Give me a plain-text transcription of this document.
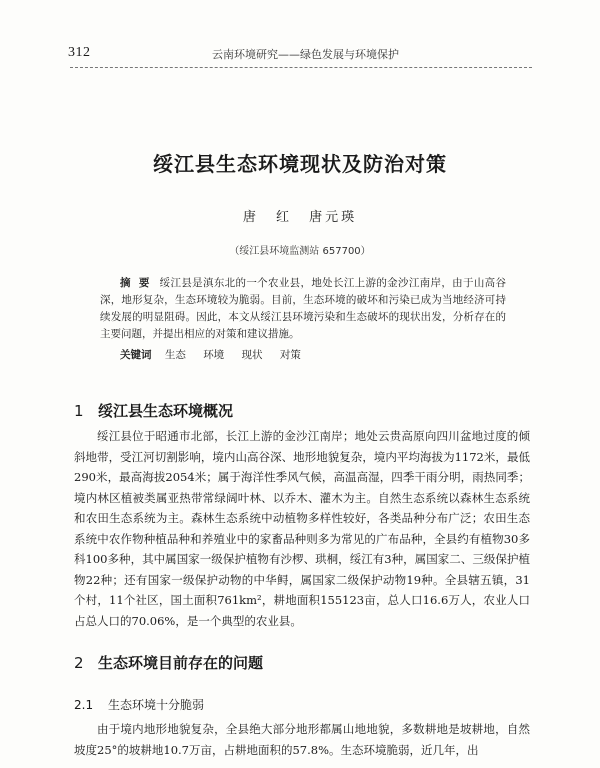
312	云南环境研究——绿色发展与环境保护
绥江县生态环境现状及防治对策
唐 红 唐元瑛
（绥江县环境监测站 657700）
摘 要 绥江县是滇东北的一个农业县，地处长江上游的金沙江南岸，由于山高谷深，地形复杂，生态环境较为脆弱。目前，生态环境的破坏和污染已成为当地经济可持续发展的明显阻碍。因此，本文从绥江县环境污染和生态破坏的现状出发，分析存在的主要问题，并提出相应的对策和建议措施。
关键词 生态 环境 现状 对策
1 绥江县生态环境概况

绥江县位于昭通市北部，长江上游的金沙江南岸；地处云贵高原向四川盆地过度的倾斜地带，受江河切割影响，境内山高谷深、地形地貌复杂，境内平均海拔为1172米，最低290米，最高海拔2054米；属于海洋性季风气候，高温高湿，四季干雨分明，雨热同季；境内林区植被类属亚热带常绿阔叶林、以乔木、灌木为主。自然生态系统以森林生态系统和农田生态系统为主。森林生态系统中动植物多样性较好，各类品种分布广泛；农田生态系统中农作物种植品种和养殖业中的家畜品种则多为常见的广布品种，全县约有植物30多科100多种，其中属国家一级保护植物有沙椤、珙桐，绥江有3种，属国家二、三级保护植物22种；还有国家一级保护动物的中华鲟，属国家二级保护动物19种。全县辖五镇，31个村，11个社区，国土面积761km²，耕地面积155123亩，总人口16.6万人，农业人口占总人口的70.06%，是一个典型的农业县。

2 生态环境目前存在的问题
2.1 生态环境十分脆弱

由于境内地形地貌复杂，全县绝大部分地形都属山地地貌，多数耕地是坡耕地，自然坡度25°的坡耕地10.7万亩，占耕地面积的57.8%。生态环境脆弱，近几年，出
